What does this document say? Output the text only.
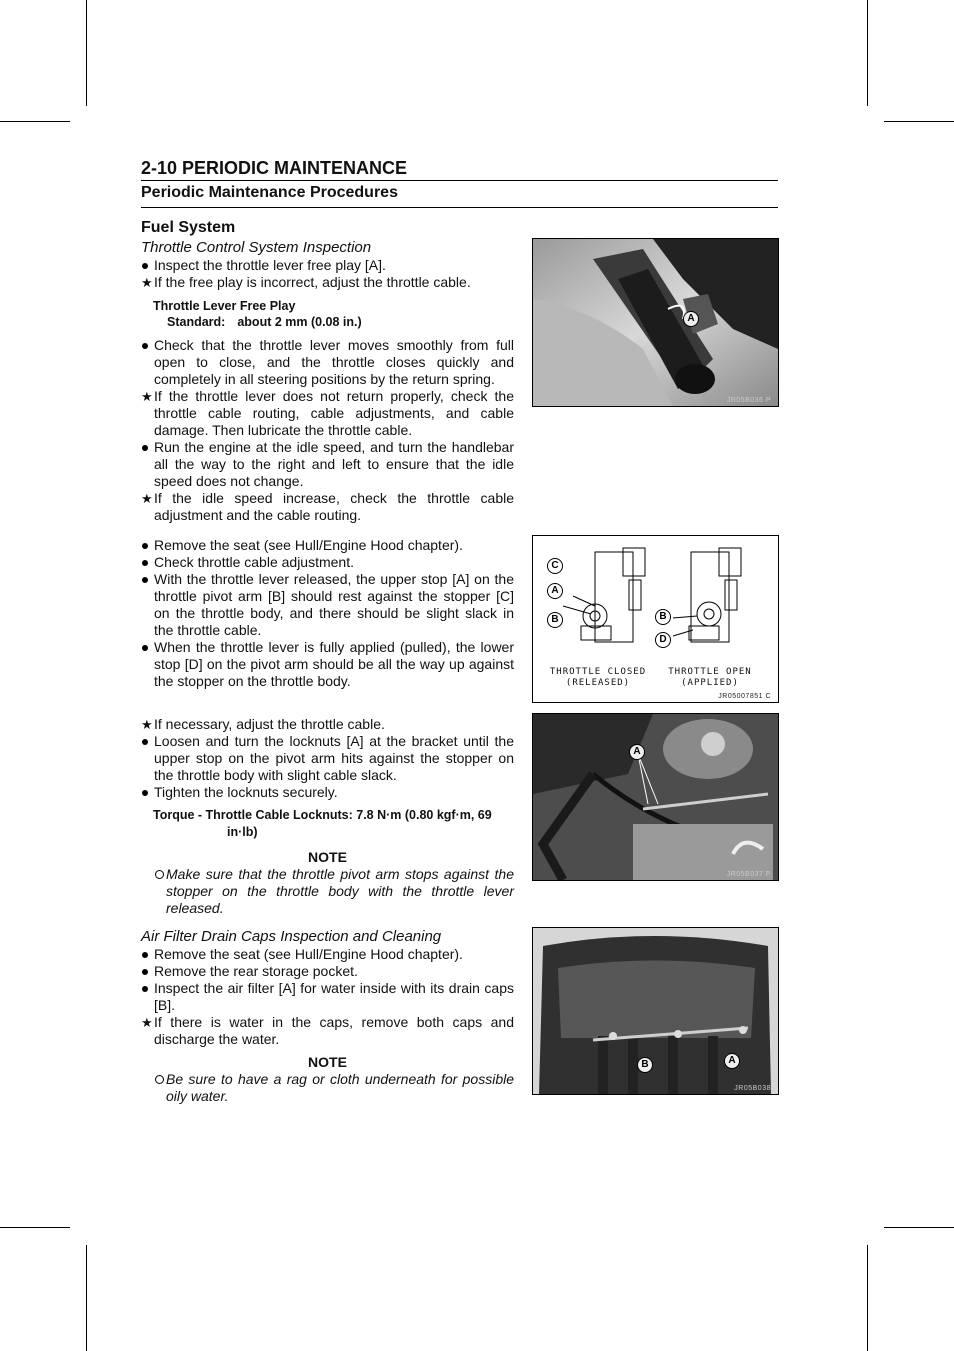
2-10 PERIODIC MAINTENANCE
Periodic Maintenance Procedures
Fuel System
Throttle Control System Inspection
Inspect the throttle lever free play [A].
★ If the free play is incorrect, adjust the throttle cable.
Throttle Lever Free Play
Standard: about 2 mm (0.08 in.)
Check that the throttle lever moves smoothly from full open to close, and the throttle closes quickly and completely in all steering positions by the return spring.
★ If the throttle lever does not return properly, check the throttle cable routing, cable adjustments, and cable damage. Then lubricate the throttle cable.
Run the engine at the idle speed, and turn the handlebar all the way to the right and left to ensure that the idle speed does not change.
★ If the idle speed increase, check the throttle cable adjustment and the cable routing.
Remove the seat (see Hull/Engine Hood chapter).
Check throttle cable adjustment.
With the throttle lever released, the upper stop [A] on the throttle pivot arm [B] should rest against the stopper [C] on the throttle body, and there should be slight slack in the throttle cable.
When the throttle lever is fully applied (pulled), the lower stop [D] on the pivot arm should be all the way up against the stopper on the throttle body.
★ If necessary, adjust the throttle cable.
Loosen and turn the locknuts [A] at the bracket until the upper stop on the pivot arm hits against the stopper on the throttle body with slight cable slack.
Tighten the locknuts securely.
Torque - Throttle Cable Locknuts: 7.8 N·m (0.80 kgf·m, 69
in·lb)
NOTE
Make sure that the throttle pivot arm stops against the stopper on the throttle body with the throttle lever released.
Air Filter Drain Caps Inspection and Cleaning
Remove the seat (see Hull/Engine Hood chapter).
Remove the rear storage pocket.
Inspect the air filter [A] for water inside with its drain caps [B].
★ If there is water in the caps, remove both caps and discharge the water.
NOTE
Be sure to have a rag or cloth underneath for possible oily water.
A
JR05B036 P
C
A
B	B
D
THROTTLE CLOSED
(RELEASED)
THROTTLE OPEN
(APPLIED)
JR05007851 C
A
JR05B037 P
B	A
JR05B038
